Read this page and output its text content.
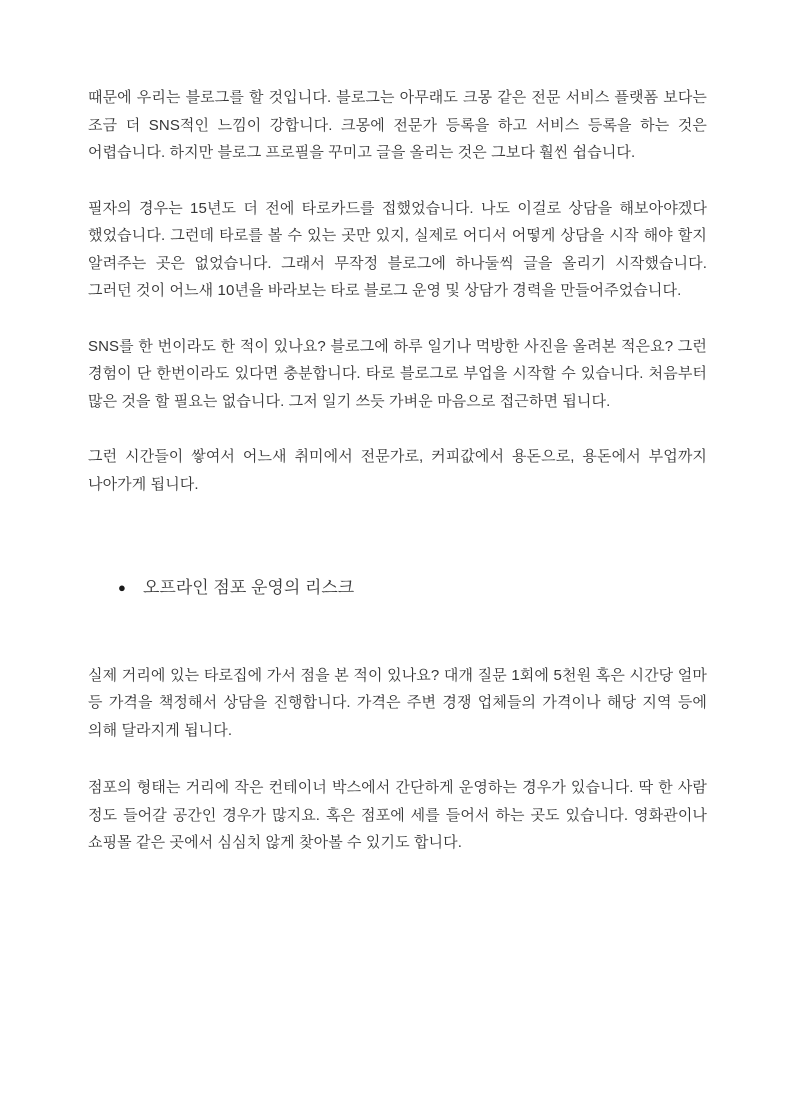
때문에 우리는 블로그를 할 것입니다. 블로그는 아무래도 크몽 같은 전문 서비스 플랫폼 보다는 조금 더 SNS적인 느낌이 강합니다. 크몽에 전문가 등록을 하고 서비스 등록을 하는 것은 어렵습니다. 하지만 블로그 프로필을 꾸미고 글을 올리는 것은 그보다 훨씬 쉽습니다.

필자의 경우는 15년도 더 전에 타로카드를 접했었습니다. 나도 이걸로 상담을 해보아야겠다 했었습니다. 그런데 타로를 볼 수 있는 곳만 있지, 실제로 어디서 어떻게 상담을 시작 해야 할지 알려주는 곳은 없었습니다. 그래서 무작정 블로그에 하나둘씩 글을 올리기 시작했습니다. 그러던 것이 어느새 10년을 바라보는 타로 블로그 운영 및 상담가 경력을 만들어주었습니다.

SNS를 한 번이라도 한 적이 있나요? 블로그에 하루 일기나 먹방한 사진을 올려본 적은요? 그런 경험이 단 한번이라도 있다면 충분합니다. 타로 블로그로 부업을 시작할 수 있습니다. 처음부터 많은 것을 할 필요는 없습니다. 그저 일기 쓰듯 가벼운 마음으로 접근하면 됩니다.

그런 시간들이 쌓여서 어느새 취미에서 전문가로, 커피값에서 용돈으로, 용돈에서 부업까지 나아가게 됩니다.

●	오프라인 점포 운영의 리스크

실제 거리에 있는 타로집에 가서 점을 본 적이 있나요? 대개 질문 1회에 5천원 혹은 시간당 얼마 등 가격을 책정해서 상담을 진행합니다. 가격은 주변 경쟁 업체들의 가격이나 해당 지역 등에 의해 달라지게 됩니다.

점포의 형태는 거리에 작은 컨테이너 박스에서 간단하게 운영하는 경우가 있습니다. 딱 한 사람 정도 들어갈 공간인 경우가 많지요. 혹은 점포에 세를 들어서 하는 곳도 있습니다. 영화관이나 쇼핑몰 같은 곳에서 심심치 않게 찾아볼 수 있기도 합니다.
